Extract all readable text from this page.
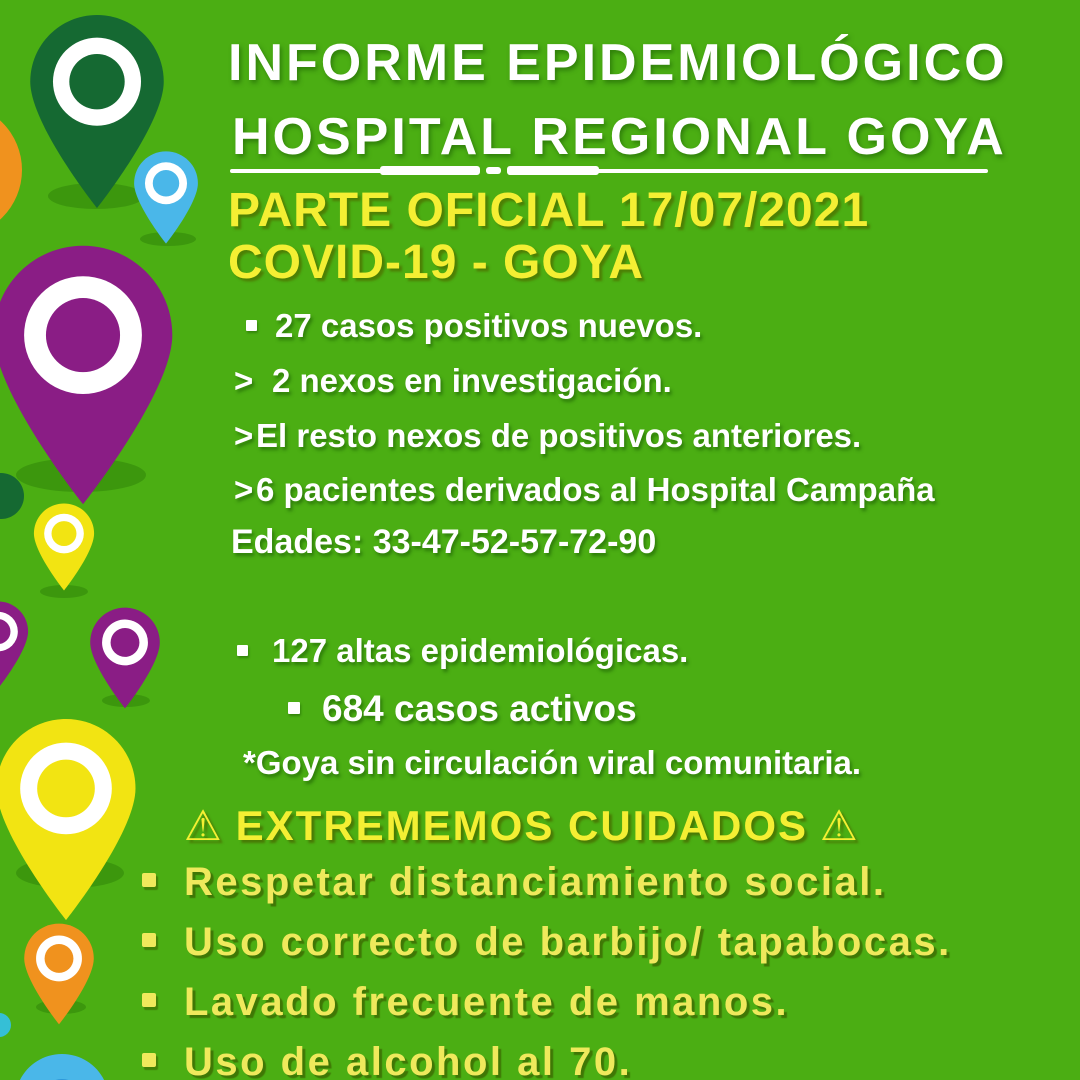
INFORME EPIDEMIOLÓGICO
HOSPITAL REGIONAL GOYA
PARTE OFICIAL 17/07/2021
COVID-19 - GOYA
27 casos positivos nuevos.
> 2 nexos en investigación.
>El resto nexos de positivos anteriores.
>6 pacientes derivados al Hospital Campaña
Edades: 33-47-52-57-72-90
127 altas epidemiológicas.
684 casos activos
*Goya sin circulación viral comunitaria.
⚠ EXTREMEMOS CUIDADOS ⚠
Respetar distanciamiento social.
Uso correcto de barbijo/ tapabocas.
Lavado frecuente de manos.
Uso de alcohol al 70.
